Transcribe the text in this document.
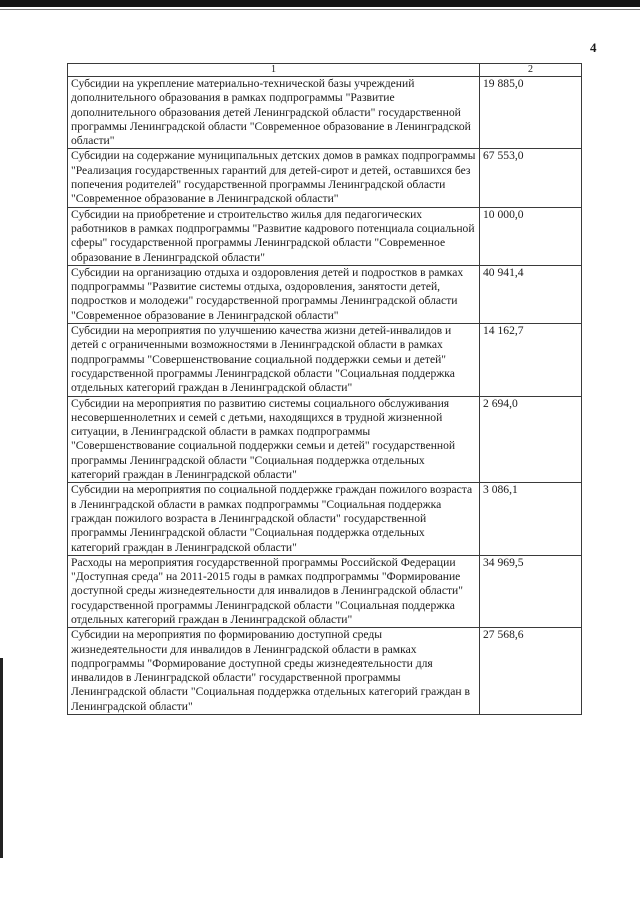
4
1	2
Субсидии на укрепление материально-технической базы учреждений дополнительного образования в рамках подпрограммы "Развитие дополнительного образования детей Ленинградской области" государственной программы Ленинградской области "Современное образование в Ленинградской области"	19 885,0
Субсидии на содержание муниципальных детских домов в рамках подпрограммы "Реализация государственных гарантий для детей-сирот и детей, оставшихся без попечения родителей" государственной программы Ленинградской области "Современное образование в Ленинградской области"	67 553,0
Субсидии на приобретение и строительство жилья для педагогических работников в рамках подпрограммы "Развитие кадрового потенциала социальной сферы" государственной программы Ленинградской области "Современное образование в Ленинградской области"	10 000,0
Субсидии на организацию отдыха и оздоровления детей и подростков в рамках подпрограммы "Развитие системы отдыха, оздоровления, занятости детей, подростков и молодежи" государственной программы Ленинградской области "Современное образование в Ленинградской области"	40 941,4
Субсидии на мероприятия по улучшению качества жизни детей-инвалидов и детей с ограниченными возможностями в Ленинградской области в рамках подпрограммы "Совершенствование социальной поддержки семьи и детей" государственной программы Ленинградской области "Социальная поддержка отдельных категорий граждан в Ленинградской области"	14 162,7
Субсидии на мероприятия по развитию системы социального обслуживания несовершеннолетних и семей с детьми, находящихся в трудной жизненной ситуации, в Ленинградской области в рамках подпрограммы "Совершенствование социальной поддержки семьи и детей" государственной программы Ленинградской области "Социальная поддержка отдельных категорий граждан в Ленинградской области"	2 694,0
Субсидии на мероприятия по социальной поддержке граждан пожилого возраста в Ленинградской области в рамках подпрограммы "Социальная поддержка граждан пожилого возраста в Ленинградской области" государственной программы Ленинградской области "Социальная поддержка отдельных категорий граждан в Ленинградской области"	3 086,1
Расходы на мероприятия государственной программы Российской Федерации "Доступная среда" на 2011-2015 годы в рамках подпрограммы "Формирование доступной среды жизнедеятельности для инвалидов в Ленинградской области" государственной программы Ленинградской области "Социальная поддержка отдельных категорий граждан в Ленинградской области"	34 969,5
Субсидии на мероприятия по формированию доступной среды жизнедеятельности для инвалидов в Ленинградской области в рамках подпрограммы "Формирование доступной среды жизнедеятельности для инвалидов в Ленинградской области" государственной программы Ленинградской области "Социальная поддержка отдельных категорий граждан в Ленинградской области"	27 568,6
